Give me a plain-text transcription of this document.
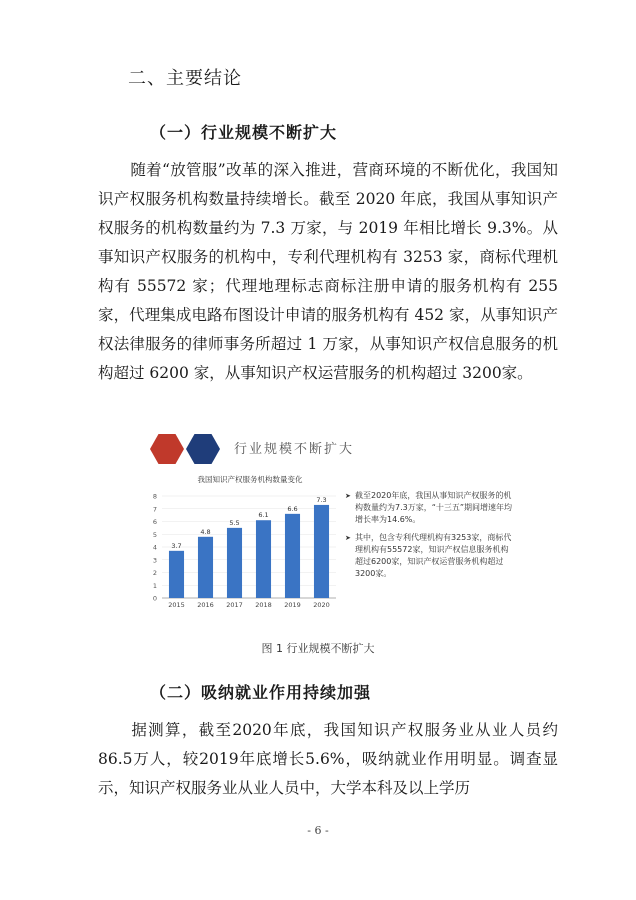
二、主要结论
（一）行业规模不断扩大
随着“放管服”改革的深入推进，营商环境的不断优化，我国知识产权服务机构数量持续增长。截至 2020 年底，我国从事知识产权服务的机构数量约为 7.3 万家，与 2019 年相比增长 9.3%。从事知识产权服务的机构中，专利代理机构有 3253 家，商标代理机构有 55572 家；代理地理标志商标注册申请的服务机构有 255 家，代理集成电路布图设计申请的服务机构有 452 家，从事知识产权法律服务的律师事务所超过 1 万家，从事知识产权信息服务的机构超过 6200 家，从事知识产权运营服务的机构超过 3200家。
行业规模不断扩大
我国知识产权服务机构数量变化
0
1
2
3
4
5
6
7
8
3.7
2015
4.8
2016
5.5
2017
6.1
2018
6.6
2019
7.3
2020
➤ 截至2020年底，我国从事知识产权服务的机构数量约为7.3万家，“十三五”期间增速年均增长率为14.6%。
➤ 其中，包含专利代理机构有3253家，商标代理机构有55572家，知识产权信息服务机构超过6200家，知识产权运营服务机构超过3200家。
图 1 行业规模不断扩大
（二）吸纳就业作用持续加强
据测算，截至2020年底，我国知识产权服务业从业人员约86.5万人，较2019年底增长5.6%，吸纳就业作用明显。调查显示，知识产权服务业从业人员中，大学本科及以上学历
- 6 -
